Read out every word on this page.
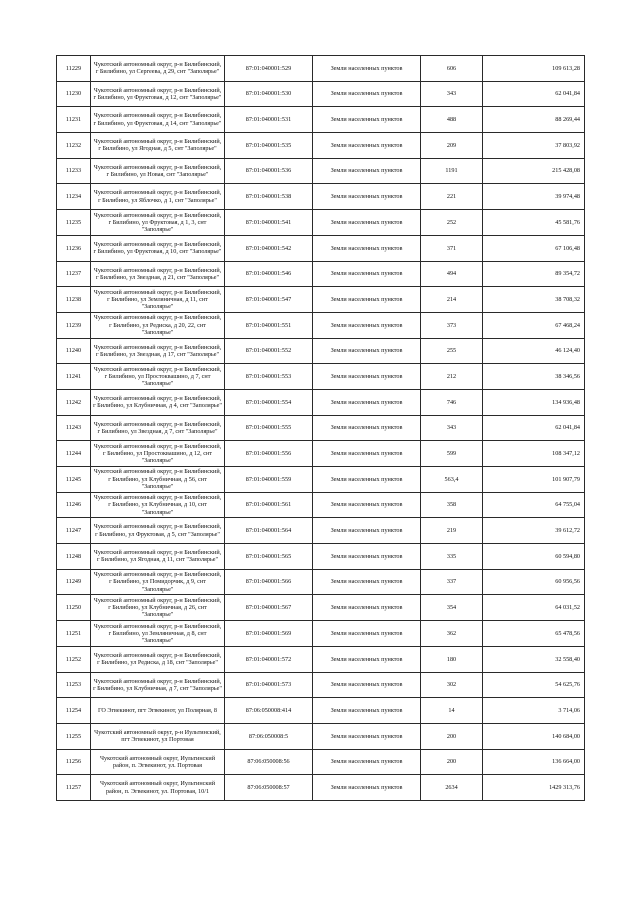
11229	Чукотский автономный округ, р-н Билибинский, г Билибино, ул Сергеева, д 29, снт "Заполярье"	87:01:040001:529	Земли населенных пунктов	606	109 613,28
11230	Чукотский автономный округ, р-н Билибинский, г Билибино, ул Фруктовая, д 12, снт "Заполярье"	87:01:040001:530	Земли населенных пунктов	343	62 041,84
11231	Чукотский автономный округ, р-н Билибинский, г Билибино, ул Фруктовая, д 14, снт "Заполярье"	87:01:040001:531	Земли населенных пунктов	488	88 269,44
11232	Чукотский автономный округ, р-н Билибинский, г Билибино, ул Ягодная, д 5, снт "Заполярье"	87:01:040001:535	Земли населенных пунктов	209	37 803,92
11233	Чукотский автономный округ, р-н Билибинский, г Билибино, ул Новая, снт "Заполярье"	87:01:040001:536	Земли населенных пунктов	1191	215 428,08
11234	Чукотский автономный округ, р-н Билибинский, г Билибино, ул Яблочко, д 1, снт "Заполярье"	87:01:040001:538	Земли населенных пунктов	221	39 974,48
11235	Чукотский автономный округ, р-н Билибинский, г Билибино, ул Фруктовая, д 1, 3, снт "Заполярье"	87:01:040001:541	Земли населенных пунктов	252	45 581,76
11236	Чукотский автономный округ, р-н Билибинский, г Билибино, ул Фруктовая, д 10, снт "Заполярье"	87:01:040001:542	Земли населенных пунктов	371	67 106,48
11237	Чукотский автономный округ, р-н Билибинский, г Билибино, ул Звездная, д 21, снт "Заполярье"	87:01:040001:546	Земли населенных пунктов	494	89 354,72
11238	Чукотский автономный округ, р-н Билибинский, г Билибино, ул Земляничная, д 11, снт "Заполярье"	87:01:040001:547	Земли населенных пунктов	214	38 708,32
11239	Чукотский автономный округ, р-н Билибинский, г Билибино, ул Редиска, д 20, 22, снт "Заполярье"	87:01:040001:551	Земли населенных пунктов	373	67 468,24
11240	Чукотский автономный округ, р-н Билибинский, г Билибино, ул Звездная, д 17, снт "Заполярье"	87:01:040001:552	Земли населенных пунктов	255	46 124,40
11241	Чукотский автономный округ, р-н Билибинский, г Билибино, ул Простоквашино, д 7, снт "Заполярье"	87:01:040001:553	Земли населенных пунктов	212	38 346,56
11242	Чукотский автономный округ, р-н Билибинский, г Билибино, ул Клубничная, д 4, снт "Заполярье"	87:01:040001:554	Земли населенных пунктов	746	134 936,48
11243	Чукотский автономный округ, р-н Билибинский, г Билибино, ул Звездная, д 7, снт "Заполярье"	87:01:040001:555	Земли населенных пунктов	343	62 041,84
11244	Чукотский автономный округ, р-н Билибинский, г Билибино, ул Простоквашино, д 12, снт "Заполярье"	87:01:040001:556	Земли населенных пунктов	599	108 347,12
11245	Чукотский автономный округ, р-н Билибинский, г Билибино, ул Клубничная, д 56, снт "Заполярье"	87:01:040001:559	Земли населенных пунктов	563,4	101 907,79
11246	Чукотский автономный округ, р-н Билибинский, г Билибино, ул Клубничная, д 10, снт "Заполярье"	87:01:040001:561	Земли населенных пунктов	358	64 755,04
11247	Чукотский автономный округ, р-н Билибинский, г Билибино, ул Фруктовая, д 5, снт "Заполярье"	87:01:040001:564	Земли населенных пунктов	219	39 612,72
11248	Чукотский автономный округ, р-н Билибинский, г Билибино, ул Ягодная, д 11, снт "Заполярье"	87:01:040001:565	Земли населенных пунктов	335	60 594,80
11249	Чукотский автономный округ, р-н Билибинский, г Билибино, ул Помидорчик, д 9, снт "Заполярье"	87:01:040001:566	Земли населенных пунктов	337	60 956,56
11250	Чукотский автономный округ, р-н Билибинский, г Билибино, ул Клубничная, д 26, снт "Заполярье"	87:01:040001:567	Земли населенных пунктов	354	64 031,52
11251	Чукотский автономный округ, р-н Билибинский, г Билибино, ул Земляничная, д 8, снт "Заполярье"	87:01:040001:569	Земли населенных пунктов	362	65 478,56
11252	Чукотский автономный округ, р-н Билибинский, г Билибино, ул Редиска, д 18, снт "Заполярье"	87:01:040001:572	Земли населенных пунктов	180	32 558,40
11253	Чукотский автономный округ, р-н Билибинский, г Билибино, ул Клубничная, д 7, снт "Заполярье"	87:01:040001:573	Земли населенных пунктов	302	54 625,76
11254	ГО Эгвекинот, пгт Эгвекинот, ул Полярная, 8	87:06:050008:414	Земли населенных пунктов	14	3 714,06
11255	Чукотский автономный округ, р-н Иультинский, пгт Эгвекинот, ул Портовая	87:06:050008:5	Земли населенных пунктов	200	140 684,00
11256	Чукотский автономный округ, Иультинский район, п. Эгвекинот, ул. Портовая	87:06:050008:56	Земли населенных пунктов	200	136 664,00
11257	Чукотский автономный округ, Иультинский район, п. Эгвекинот, ул. Портовая, 10/1	87:06:050008:57	Земли населенных пунктов	2634	1429 313,76
